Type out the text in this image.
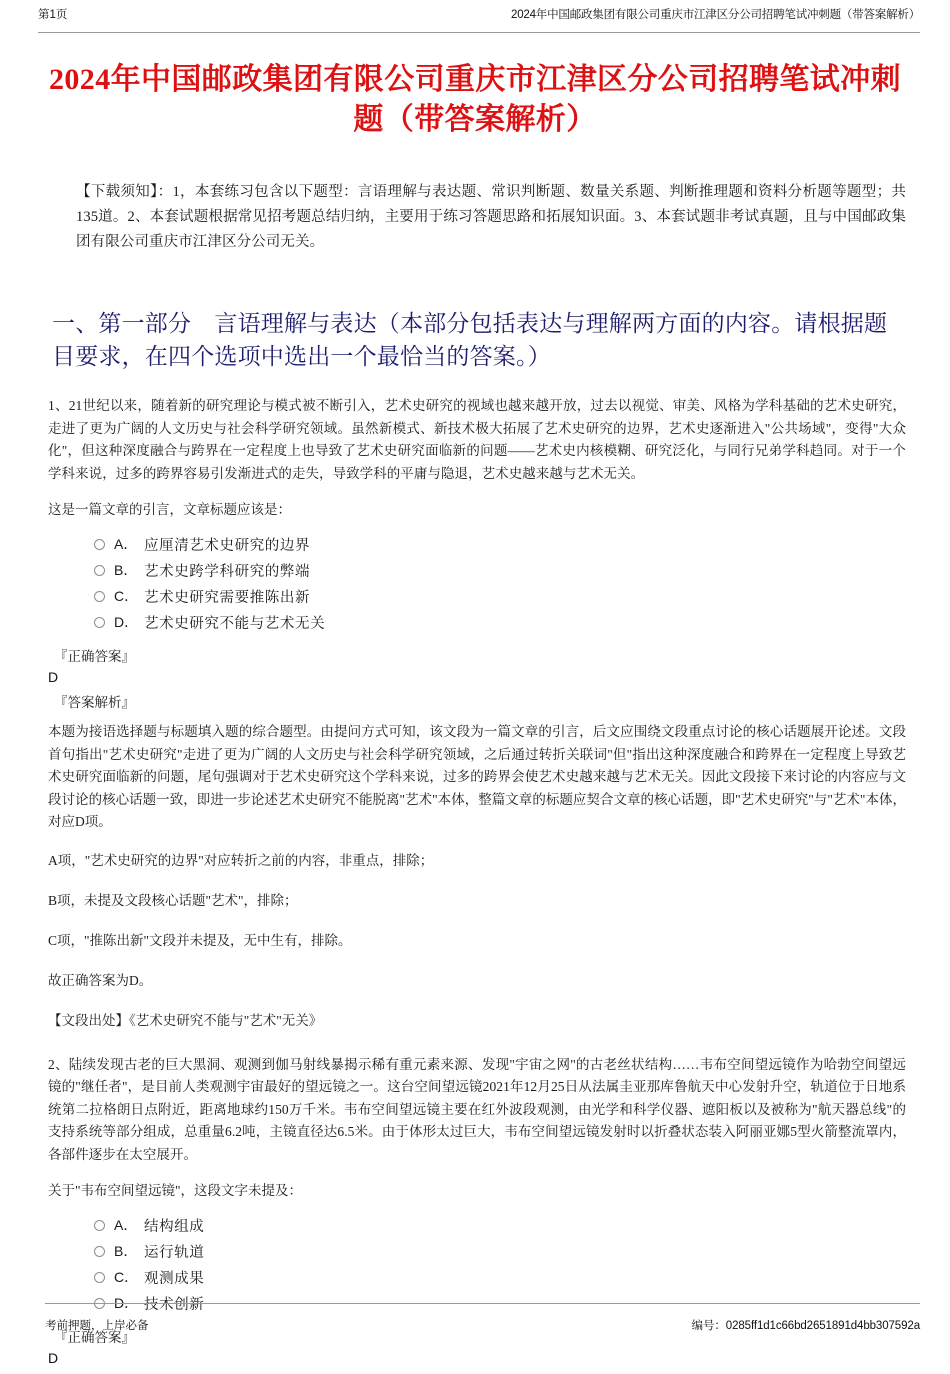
第1页	2024年中国邮政集团有限公司重庆市江津区分公司招聘笔试冲刺题（带答案解析）
2024年中国邮政集团有限公司重庆市江津区分公司招聘笔试冲刺题（带答案解析）

【下载须知】：1，本套练习包含以下题型：言语理解与表达题、常识判断题、数量关系题、判断推理题和资料分析题等题型；共135道。2、本套试题根据常见招考题总结归纳，主要用于练习答题思路和拓展知识面。3、本套试题非考试真题，且与中国邮政集团有限公司重庆市江津区分公司无关。

一、第一部分　言语理解与表达（本部分包括表达与理解两方面的内容。请根据题目要求，在四个选项中选出一个最恰当的答案。）

1、21世纪以来，随着新的研究理论与模式被不断引入，艺术史研究的视域也越来越开放，过去以视觉、审美、风格为学科基础的艺术史研究，走进了更为广阔的人文历史与社会科学研究领域。虽然新模式、新技术极大拓展了艺术史研究的边界，艺术史逐渐进入"公共场域"，变得"大众化"，但这种深度融合与跨界在一定程度上也导致了艺术史研究面临新的问题——艺术史内核模糊、研究泛化，与同行兄弟学科趋同。对于一个学科来说，过多的跨界容易引发渐进式的走失，导致学科的平庸与隐退，艺术史越来越与艺术无关。

这是一篇文章的引言，文章标题应该是：

A． 应厘清艺术史研究的边界
B． 艺术史跨学科研究的弊端
C． 艺术史研究需要推陈出新
D． 艺术史研究不能与艺术无关

『正确答案』

D

『答案解析』

本题为接语选择题与标题填入题的综合题型。由提问方式可知，该文段为一篇文章的引言，后文应围绕文段重点讨论的核心话题展开论述。文段首句指出"艺术史研究"走进了更为广阔的人文历史与社会科学研究领域，之后通过转折关联词"但"指出这种深度融合和跨界在一定程度上导致艺术史研究面临新的问题，尾句强调对于艺术史研究这个学科来说，过多的跨界会使艺术史越来越与艺术无关。因此文段接下来讨论的内容应与文段讨论的核心话题一致，即进一步论述艺术史研究不能脱离"艺术"本体，整篇文章的标题应契合文章的核心话题，即"艺术史研究"与"艺术"本体，对应D项。

A项，"艺术史研究的边界"对应转折之前的内容，非重点，排除；

B项，未提及文段核心话题"艺术"，排除；

C项，"推陈出新"文段并未提及，无中生有，排除。

故正确答案为D。

【文段出处】《艺术史研究不能与"艺术"无关》

2、陆续发现古老的巨大黑洞、观测到伽马射线暴揭示稀有重元素来源、发现"宇宙之网"的古老丝状结构……韦布空间望远镜作为哈勃空间望远镜的"继任者"，是目前人类观测宇宙最好的望远镜之一。这台空间望远镜2021年12月25日从法属圭亚那库鲁航天中心发射升空，轨道位于日地系统第二拉格朗日点附近，距离地球约150万千米。韦布空间望远镜主要在红外波段观测，由光学和科学仪器、遮阳板以及被称为"航天器总线"的支持系统等部分组成，总重量6.2吨，主镜直径达6.5米。由于体形太过巨大，韦布空间望远镜发射时以折叠状态装入阿丽亚娜5型火箭整流罩内，各部件逐步在太空展开。

关于"韦布空间望远镜"，这段文字未提及：

A． 结构组成
B． 运行轨道
C． 观测成果
D． 技术创新

『正确答案』

D

考前押题，上岸必备	编号：0285ff1d1c66bd2651891d4bb307592a
